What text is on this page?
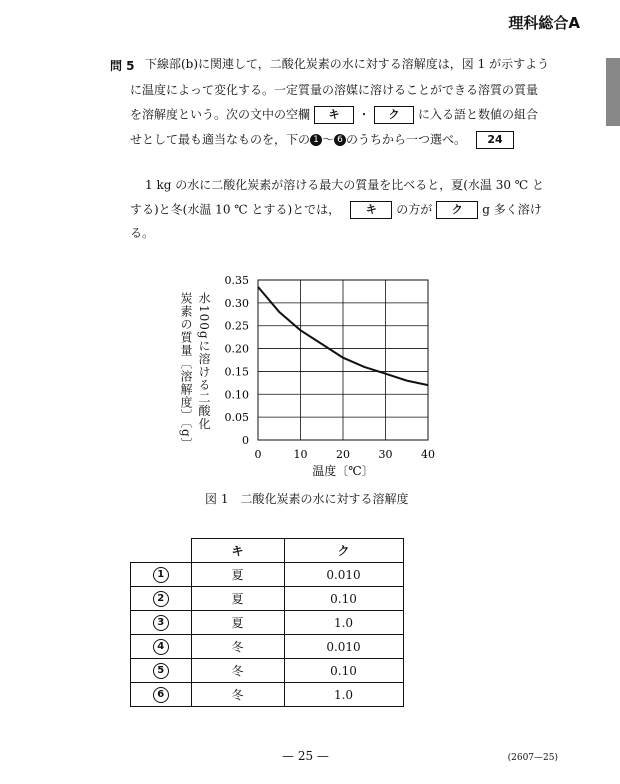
理科総合A
問 5 下線部(b)に関連して，二酸化炭素の水に対する溶解度は，図 1 が示すよう
に温度によって変化する。一定質量の溶媒に溶けることができる溶質の質量
を溶解度という。次の文中の空欄 キ ・ ク に入る語と数値の組合
せとして最も適当なものを，下の 1 〜 6 のうちから一つ選べ。 24
1 kg の水に二酸化炭素が溶ける最大の質量を比べると，夏(水温 30 ℃ と
する)と冬(水温 10 ℃ とする)とでは， キ の方が ク g 多く溶け
る。
水100gに溶ける二酸化
炭素の質量〔溶解度〕〔g〕	0
0.05
0.10
0.15
0.20
0.25
0.30
0.35
0	10	20	30	40
温度〔℃〕
図 1　二酸化炭素の水に対する溶解度
	キ	ク
1	夏	0.010
2	夏	0.10
3	夏	1.0
4	冬	0.010
5	冬	0.10
6	冬	1.0
— 25 —	(2607—25)
